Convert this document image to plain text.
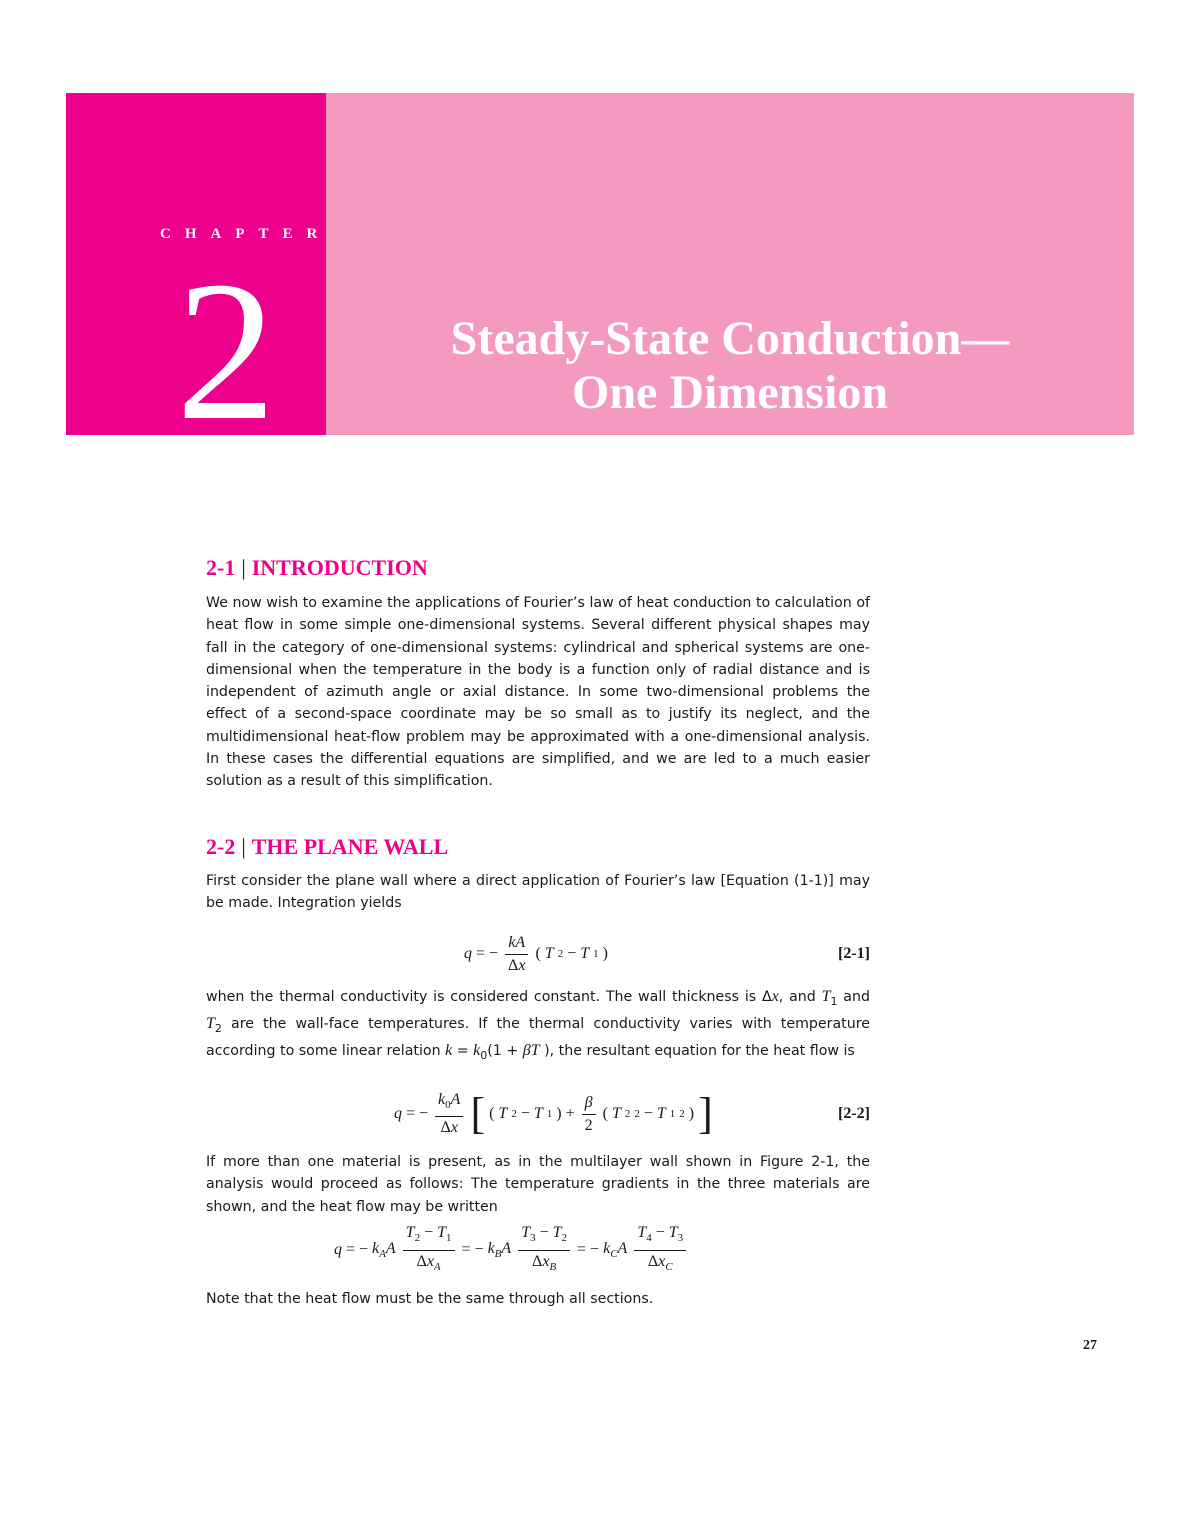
CHAPTER
2	Steady-State Conduction—
One Dimension
2-1 | INTRODUCTION

We now wish to examine the applications of Fourier’s law of heat conduction to calculation of heat flow in some simple one-dimensional systems. Several different physical shapes may fall in the category of one-dimensional systems: cylindrical and spherical systems are one-dimensional when the temperature in the body is a function only of radial distance and is independent of azimuth angle or axial distance. In some two-dimensional problems the effect of a second-space coordinate may be so small as to justify its neglect, and the multidimensional heat-flow problem may be approximated with a one-dimensional analysis. In these cases the differential equations are simplified, and we are led to a much easier solution as a result of this simplification.

2-2 | THE PLANE WALL

First consider the plane wall where a direct application of Fourier’s law [Equation (1-1)] may be made. Integration yields

q = − $\frac{kA}{\Delta x}$ ( T 2 − T 1 )	[2-1]

when the thermal conductivity is considered constant. The wall thickness is Δx, and $T_1$ and $T_2$ are the wall-face temperatures. If the thermal conductivity varies with temperature according to some linear relation $k = k_0(1 + \beta T$ ), the resultant equation for the heat flow is

q = − $\frac{k_0A}{\Delta x}$ [ ( T 2 − T 1 ) + $\frac{\beta}{2}$ ( T 2 2 − T 1 2 ) ]	[2-2]

If more than one material is present, as in the multilayer wall shown in Figure 2-1, the analysis would proceed as follows: The temperature gradients in the three materials are shown, and the heat flow may be written

q = − $k_AA \frac{T_2 - T_1}{\Delta x_A}$ = − $k_BA \frac{T_3 - T_2}{\Delta x_B}$ = − $k_CA \frac{T_4 - T_3}{\Delta x_C}$

Note that the heat flow must be the same through all sections.

27
